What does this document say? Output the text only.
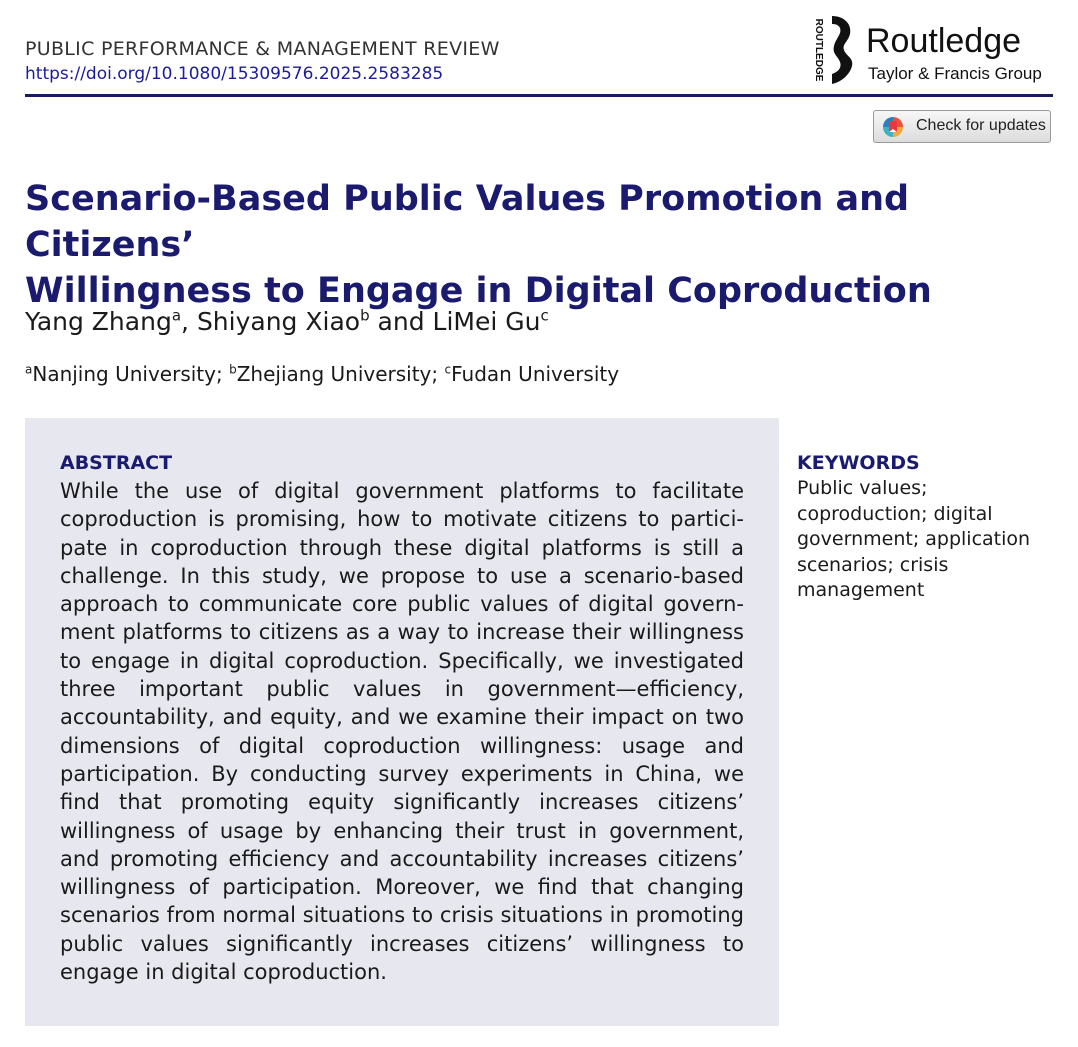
PUBLIC PERFORMANCE & MANAGEMENT REVIEW
https://doi.org/10.1080/15309576.2025.2583285	ROUTLEDGE Routledge
Taylor & Francis Group
Check for updates
Scenario-Based Public Values Promotion and Citizens’
Willingness to Engage in Digital Coproduction
Yang Zhang$^a$, Shiyang Xiao$^b$ and LiMei Gu$^c$
$^a$Nanjing University; $^b$Zhejiang University; $^c$Fudan University
ABSTRACT

While the use of digital government platforms to facilitate coproduction is promising, how to motivate citizens to participate in coproduction through these digital platforms is still a challenge. In this study, we propose to use a scenario-based approach to communicate core public values of digital government platforms to citizens as a way to increase their willingness to engage in digital coproduction. Specifically, we investigated three important public values in government—efficiency, accountability, and equity, and we examine their impact on two dimensions of digital coproduction willingness: usage and participation. By conducting survey experiments in China, we find that promoting equity significantly increases citizens’ willingness of usage by enhancing their trust in government, and promoting efficiency and accountability increases citizens’ willingness of participation. Moreover, we find that changing scenarios from normal situations to crisis situations in promoting public values significantly increases citizens’ willingness to engage in digital coproduction.

KEYWORDS

Public values; coproduction; digital government; application scenarios; crisis management
